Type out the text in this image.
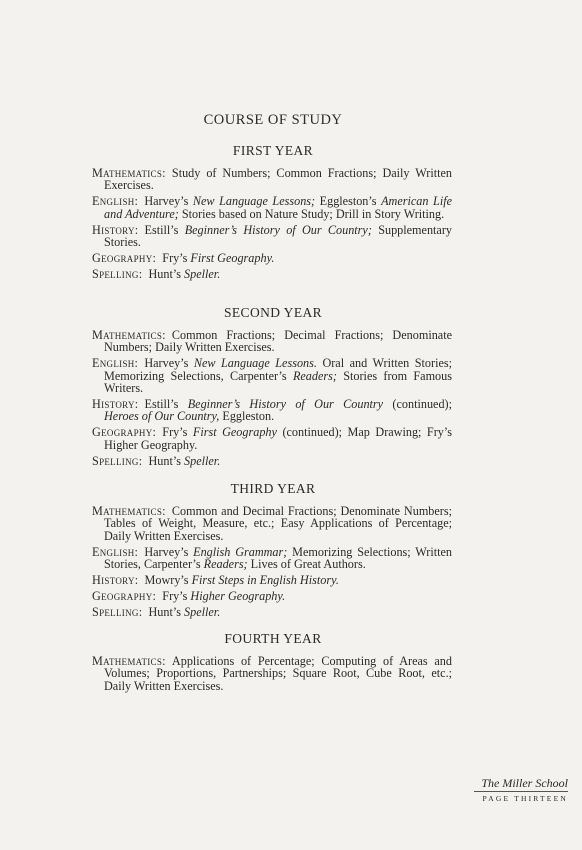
COURSE OF STUDY
FIRST YEAR
Mathematics :  Study of Numbers; Common Fractions; Daily Written Exercises.
English :  Harvey’s New Language Lessons; Eggleston’s American Life and Adventure; Stories based on Nature Study; Drill in Story Writing.
History :  Estill’s Beginner’s History of Our Country; Supplementary Stories.
Geography :  Fry’s First Geography.
Spelling :  Hunt’s Speller.
SECOND YEAR
Mathematics :  Common Fractions; Decimal Fractions; Denominate Numbers; Daily Written Exercises.
English :  Harvey’s New Language Lessons. Oral and Written Stories; Memorizing Selections, Carpenter’s Readers; Stories from Famous Writers.
History :  Estill’s Beginner’s History of Our Country (continued); Heroes of Our Country, Eggleston.
Geography :  Fry’s First Geography (continued); Map Drawing; Fry’s Higher Geography.
Spelling :  Hunt’s Speller.
THIRD YEAR
Mathematics :  Common and Decimal Fractions; Denominate Numbers; Tables of Weight, Measure, etc.; Easy Applications of Percentage; Daily Written Exercises.
English :  Harvey’s English Grammar; Memorizing Selections; Written Stories, Carpenter’s Readers; Lives of Great Authors.
History :  Mowry’s First Steps in English History.
Geography :  Fry’s Higher Geography.
Spelling :  Hunt’s Speller.
FOURTH YEAR
Mathematics :  Applications of Percentage; Computing of Areas and Volumes; Proportions, Partnerships; Square Root, Cube Root, etc.; Daily Written Exercises.
The Miller School
PAGE THIRTEEN
